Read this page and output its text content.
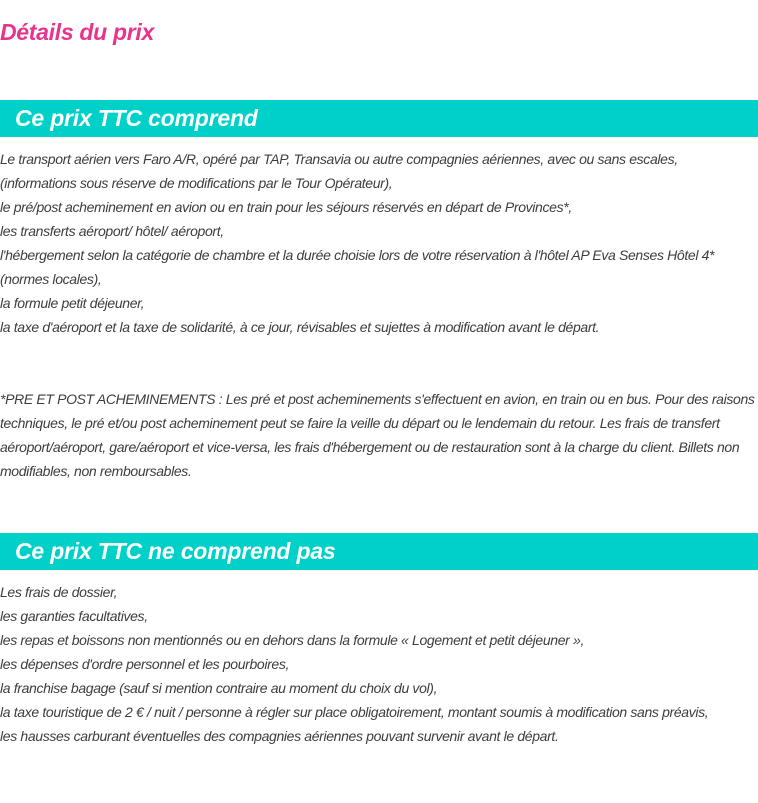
Détails du prix
Ce prix TTC comprend

Le transport aérien vers Faro A/R, opéré par TAP, Transavia ou autre compagnies aériennes, avec ou sans escales, (informations sous réserve de modifications par le Tour Opérateur),

le pré/post acheminement en avion ou en train pour les séjours réservés en départ de Provinces*,

les transferts aéroport/ hôtel/ aéroport,

l'hébergement selon la catégorie de chambre et la durée choisie lors de votre réservation à l'hôtel AP Eva Senses Hôtel 4* (normes locales),

la formule petit déjeuner,

la taxe d'aéroport et la taxe de solidarité, à ce jour, révisables et sujettes à modification avant le départ.

*PRE ET POST ACHEMINEMENTS : Les pré et post acheminements s'effectuent en avion, en train ou en bus. Pour des raisons techniques, le pré et/ou post acheminement peut se faire la veille du départ ou le lendemain du retour. Les frais de transfert aéroport/aéroport, gare/aéroport et vice-versa, les frais d'hébergement ou de restauration sont à la charge du client. Billets non modifiables, non remboursables.

Ce prix TTC ne comprend pas

Les frais de dossier,

les garanties facultatives,

les repas et boissons non mentionnés ou en dehors dans la formule « Logement et petit déjeuner »,

les dépenses d'ordre personnel et les pourboires,

la franchise bagage (sauf si mention contraire au moment du choix du vol),

la taxe touristique de 2 € / nuit / personne à régler sur place obligatoirement, montant soumis à modification sans préavis,

les hausses carburant éventuelles des compagnies aériennes pouvant survenir avant le départ.
